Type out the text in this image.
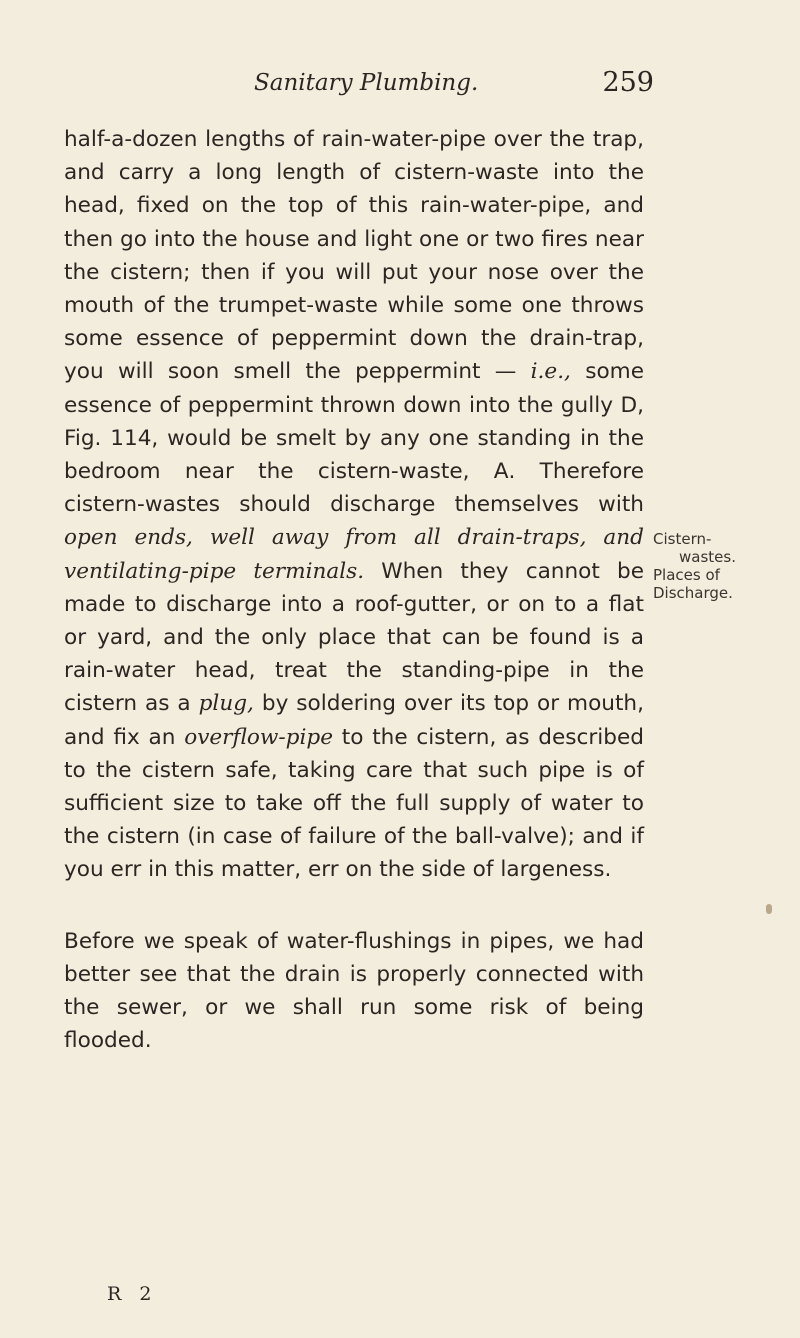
Sanitary Plumbing.	259

half-a-dozen lengths of rain-water-pipe over the trap, and carry a long length of cistern-waste into the head, fixed on the top of this rain-water-pipe, and then go into the house and light one or two fires near the cistern; then if you will put your nose over the mouth of the trumpet-waste while some one throws some essence of peppermint down the drain-trap, you will soon smell the peppermint — i.e., some essence of peppermint thrown down into the gully D, Fig. 114, would be smelt by any one standing in the bedroom near the cistern-waste, A. Therefore cistern-wastes should discharge themselves with open ends, well away from all drain-traps, and ventilating-pipe terminals. When they cannot be made to discharge into a roof-gutter, or on to a flat or yard, and the only place that can be found is a rain-water head, treat the standing-pipe in the cistern as a plug, by soldering over its top or mouth, and fix an overflow-pipe to the cistern, as described to the cistern safe, taking care that such pipe is of sufficient size to take off the full supply of water to the cistern (in case of failure of the ball-valve); and if you err in this matter, err on the side of largeness.

Before we speak of water-flushings in pipes, we had better see that the drain is properly connected with the sewer, or we shall run some risk of being flooded.

Cistern-
wastes.
Places of
Discharge.
R 2
